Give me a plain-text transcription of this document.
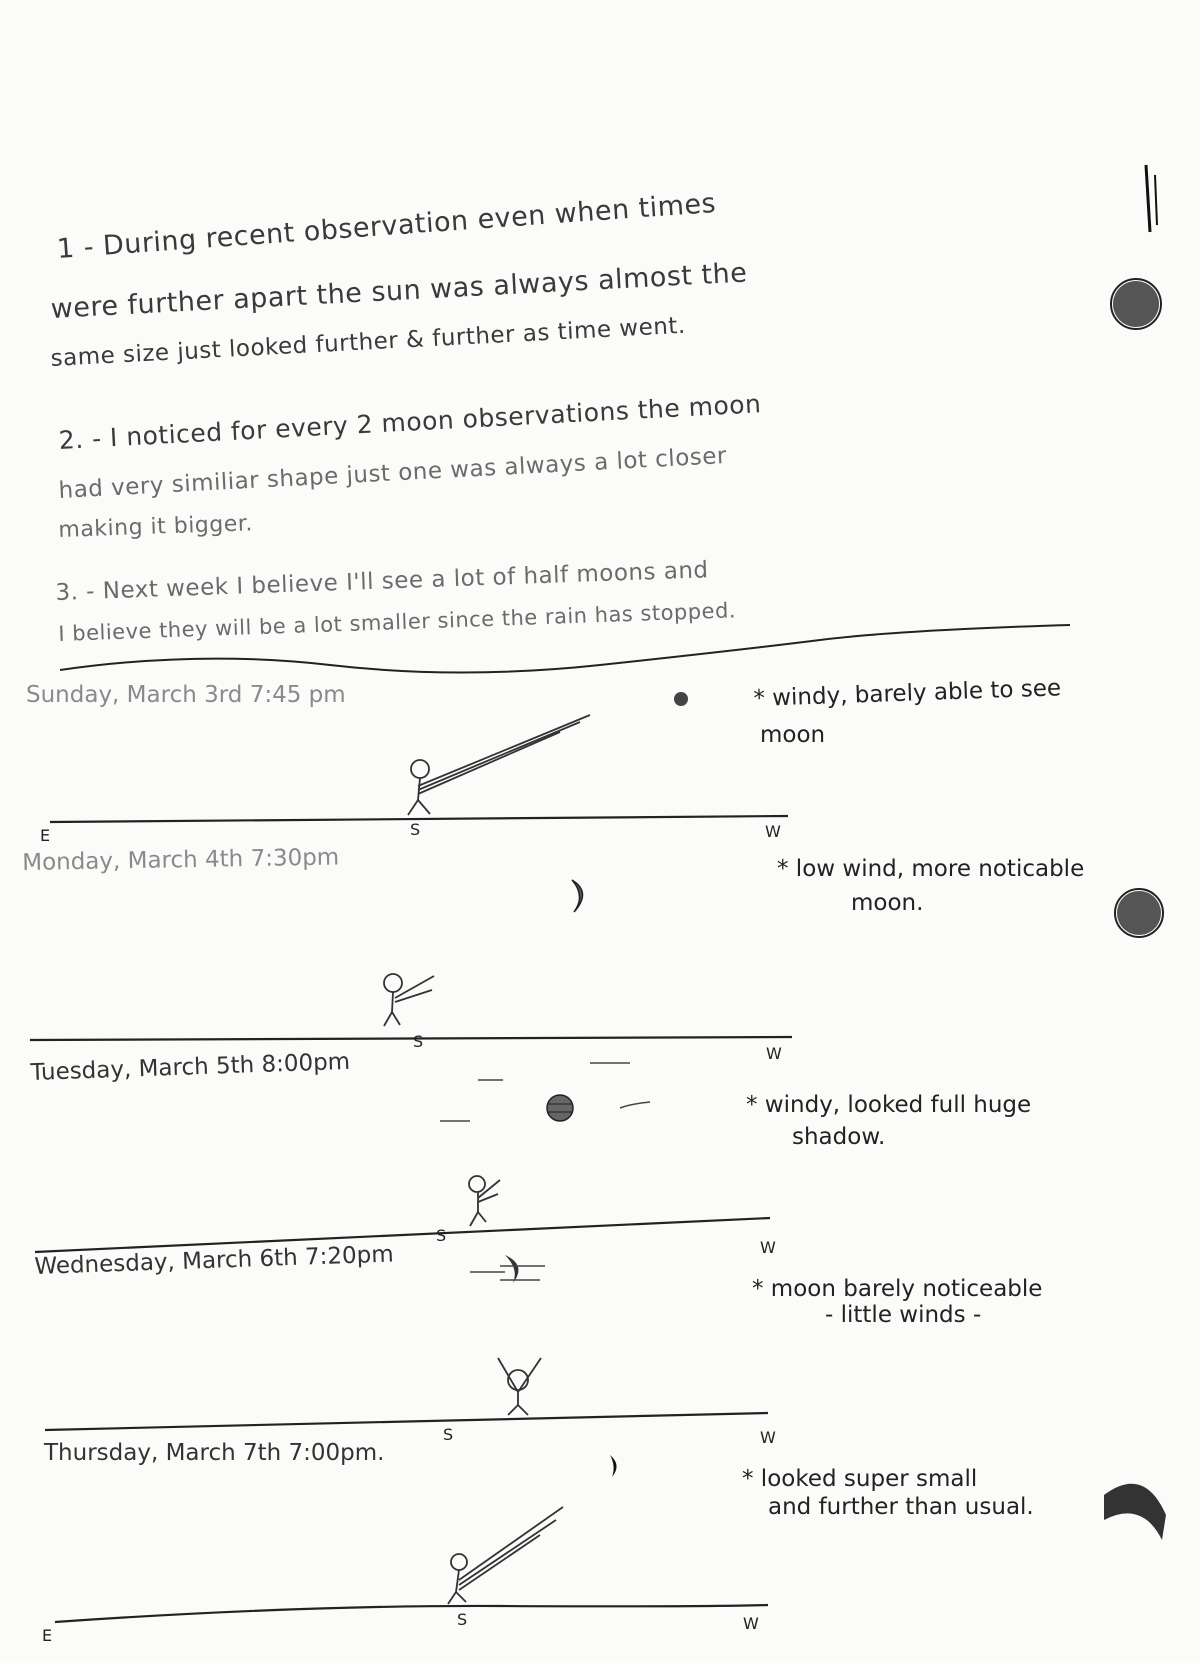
1 - During recent observation even when times
were further apart the sun was always almost the
same size just looked further & further as time went.
2. - I noticed for every 2 moon observations the moon
had very similiar shape just one was always a lot closer
making it bigger.
3. - Next week I believe I'll see a lot of half moons and
I believe they will be a lot smaller since the rain has stopped.
Sunday, March 3rd 7:45 pm	* windy, barely able to see
moon
E	S	W
Monday, March 4th 7:30pm	* low wind, more noticable
moon.
S
W
Tuesday, March 5th 8:00pm
* windy, looked full huge
shadow.
S
W
Wednesday, March 6th 7:20pm
* moon barely noticeable
- little winds -
S	W
Thursday, March 7th 7:00pm.
* looked super small
and further than usual.
E
S	W
